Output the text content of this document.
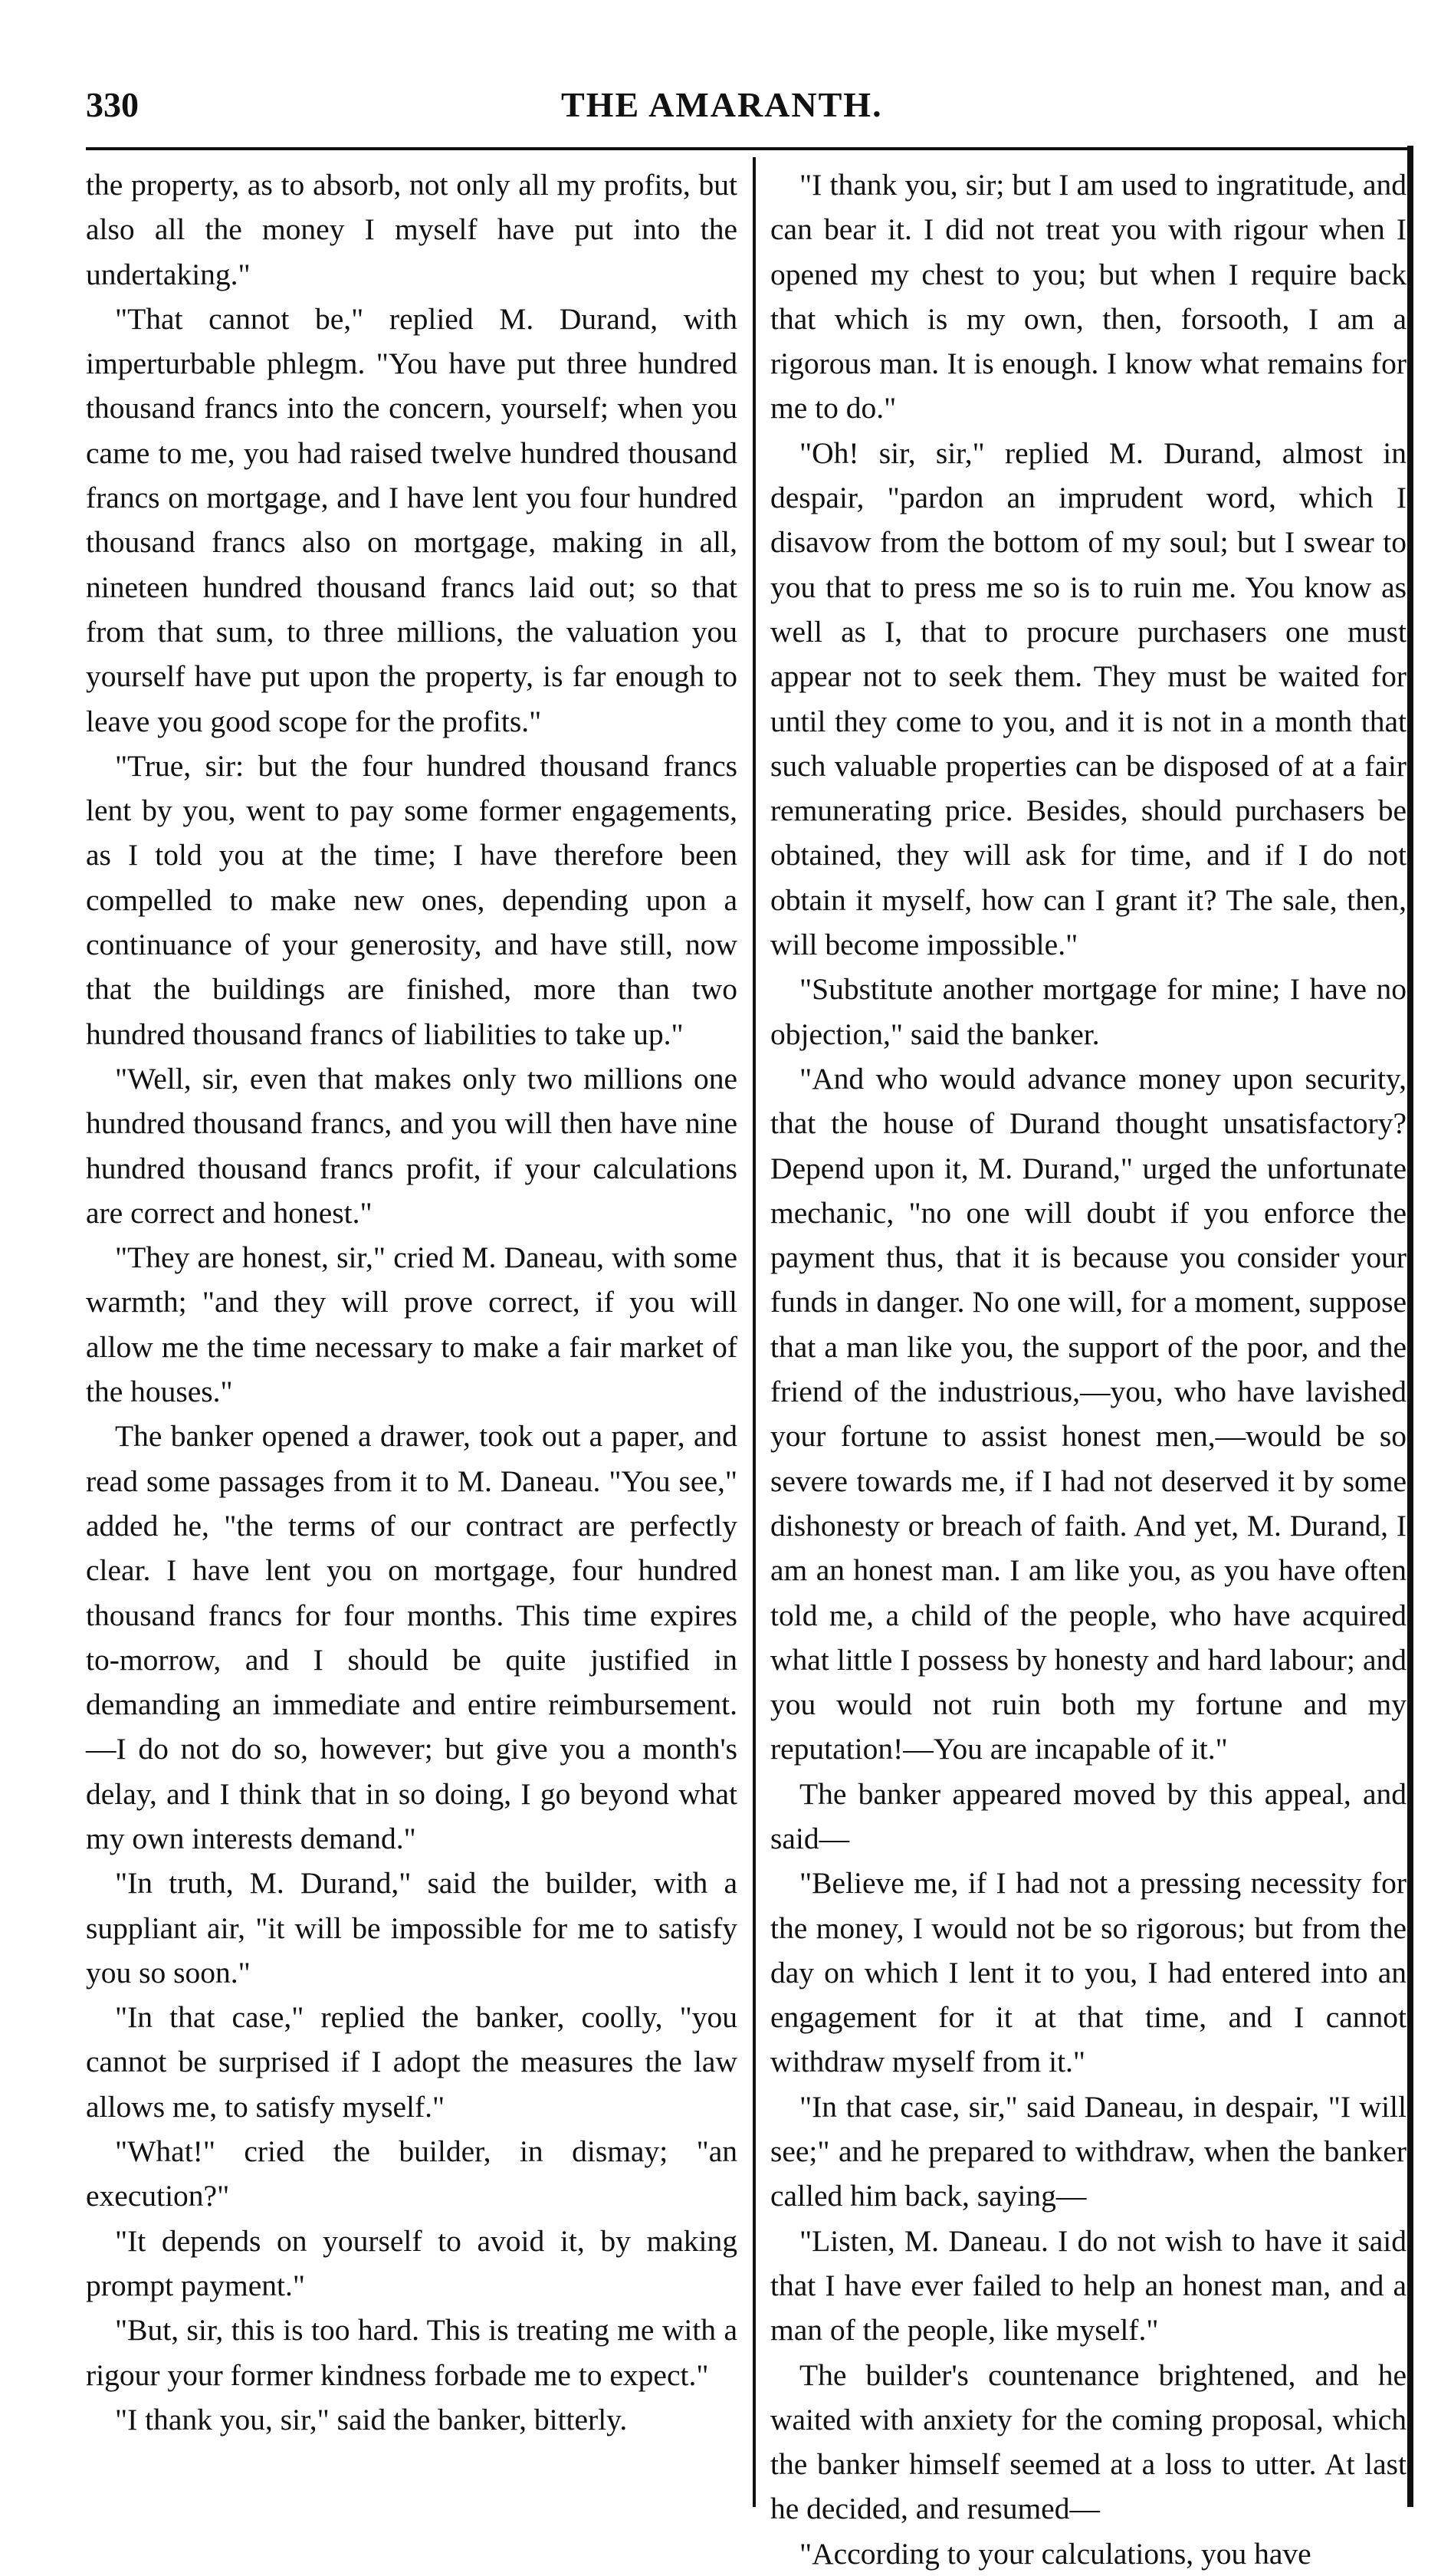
330	THE AMARANTH.

the property, as to absorb, not only all my profits, but also all the money I myself have put into the undertaking."

"That cannot be," replied M. Durand, with imperturbable phlegm. "You have put three hundred thousand francs into the concern, yourself; when you came to me, you had raised twelve hundred thousand francs on mortgage, and I have lent you four hundred thousand francs also on mortgage, making in all, nineteen hundred thousand francs laid out; so that from that sum, to three millions, the valuation you yourself have put upon the property, is far enough to leave you good scope for the profits."

"True, sir: but the four hundred thousand francs lent by you, went to pay some former engagements, as I told you at the time; I have therefore been compelled to make new ones, depending upon a continuance of your generosity, and have still, now that the buildings are finished, more than two hundred thousand francs of liabilities to take up."

"Well, sir, even that makes only two millions one hundred thousand francs, and you will then have nine hundred thousand francs profit, if your calculations are correct and honest."

"They are honest, sir," cried M. Daneau, with some warmth; "and they will prove correct, if you will allow me the time necessary to make a fair market of the houses."

The banker opened a drawer, took out a paper, and read some passages from it to M. Daneau. "You see," added he, "the terms of our contract are perfectly clear. I have lent you on mortgage, four hundred thousand francs for four months. This time expires to-morrow, and I should be quite justified in demanding an immediate and entire reimbursement.—I do not do so, however; but give you a month's delay, and I think that in so doing, I go beyond what my own interests demand."

"In truth, M. Durand," said the builder, with a suppliant air, "it will be impossible for me to satisfy you so soon."

"In that case," replied the banker, coolly, "you cannot be surprised if I adopt the measures the law allows me, to satisfy myself."

"What!" cried the builder, in dismay; "an execution?"

"It depends on yourself to avoid it, by making prompt payment."

"But, sir, this is too hard. This is treating me with a rigour your former kindness forbade me to expect."

"I thank you, sir," said the banker, bitterly.

"I thank you, sir; but I am used to ingratitude, and can bear it. I did not treat you with rigour when I opened my chest to you; but when I require back that which is my own, then, forsooth, I am a rigorous man. It is enough. I know what remains for me to do."

"Oh! sir, sir," replied M. Durand, almost in despair, "pardon an imprudent word, which I disavow from the bottom of my soul; but I swear to you that to press me so is to ruin me. You know as well as I, that to procure purchasers one must appear not to seek them. They must be waited for until they come to you, and it is not in a month that such valuable properties can be disposed of at a fair remunerating price. Besides, should purchasers be obtained, they will ask for time, and if I do not obtain it myself, how can I grant it? The sale, then, will become impossible."

"Substitute another mortgage for mine; I have no objection," said the banker.

"And who would advance money upon security, that the house of Durand thought unsatisfactory? Depend upon it, M. Durand," urged the unfortunate mechanic, "no one will doubt if you enforce the payment thus, that it is because you consider your funds in danger. No one will, for a moment, suppose that a man like you, the support of the poor, and the friend of the industrious,—you, who have lavished your fortune to assist honest men,—would be so severe towards me, if I had not deserved it by some dishonesty or breach of faith. And yet, M. Durand, I am an honest man. I am like you, as you have often told me, a child of the people, who have acquired what little I possess by honesty and hard labour; and you would not ruin both my fortune and my reputation!—You are incapable of it."

The banker appeared moved by this appeal, and said—

"Believe me, if I had not a pressing necessity for the money, I would not be so rigorous; but from the day on which I lent it to you, I had entered into an engagement for it at that time, and I cannot withdraw myself from it."

"In that case, sir," said Daneau, in despair, "I will see;" and he prepared to withdraw, when the banker called him back, saying—

"Listen, M. Daneau. I do not wish to have it said that I have ever failed to help an honest man, and a man of the people, like myself."

The builder's countenance brightened, and he waited with anxiety for the coming proposal, which the banker himself seemed at a loss to utter. At last he decided, and resumed—

"According to your calculations, you have
